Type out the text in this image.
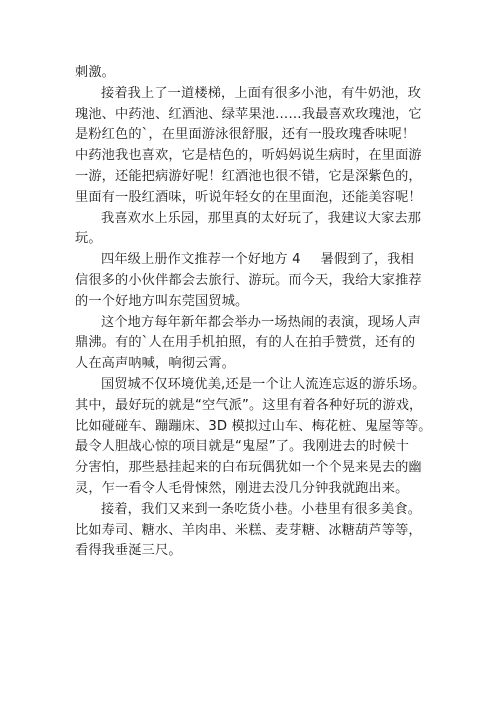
刺激。
接着我上了一道楼梯，上面有很多小池，有牛奶池，玫
瑰池、中药池、红酒池、绿苹果池……我最喜欢玫瑰池，它
是粉红色的`，在里面游泳很舒服，还有一股玫瑰香味呢！
中药池我也喜欢，它是桔色的，听妈妈说生病时，在里面游
一游，还能把病游好呢！红酒池也很不错，它是深紫色的，
里面有一股红酒味，听说年轻女的在里面泡，还能美容呢！
我喜欢水上乐园，那里真的太好玩了，我建议大家去那
玩。
四年级上册作文推荐一个好地方 4 暑假到了，我相
信很多的小伙伴都会去旅行、游玩。而今天，我给大家推荐
的一个好地方叫东莞国贸城。
这个地方每年新年都会举办一场热闹的表演，现场人声
鼎沸。有的`人在用手机拍照，有的人在拍手赞赏，还有的
人在高声呐喊，响彻云霄。
国贸城不仅环境优美,还是一个让人流连忘返的游乐场。
其中，最好玩的就是“空气派”。这里有着各种好玩的游戏，
比如碰碰车、蹦蹦床、3D 模拟过山车、梅花桩、鬼屋等等。
最令人胆战心惊的项目就是“鬼屋”了。我刚进去的时候十
分害怕，那些悬挂起来的白布玩偶犹如一个个晃来晃去的幽
灵，乍一看令人毛骨悚然，刚进去没几分钟我就跑出来。
接着，我们又来到一条吃货小巷。小巷里有很多美食。
比如寿司、糖水、羊肉串、米糕、麦芽糖、冰糖葫芦等等，
看得我垂涎三尺。
